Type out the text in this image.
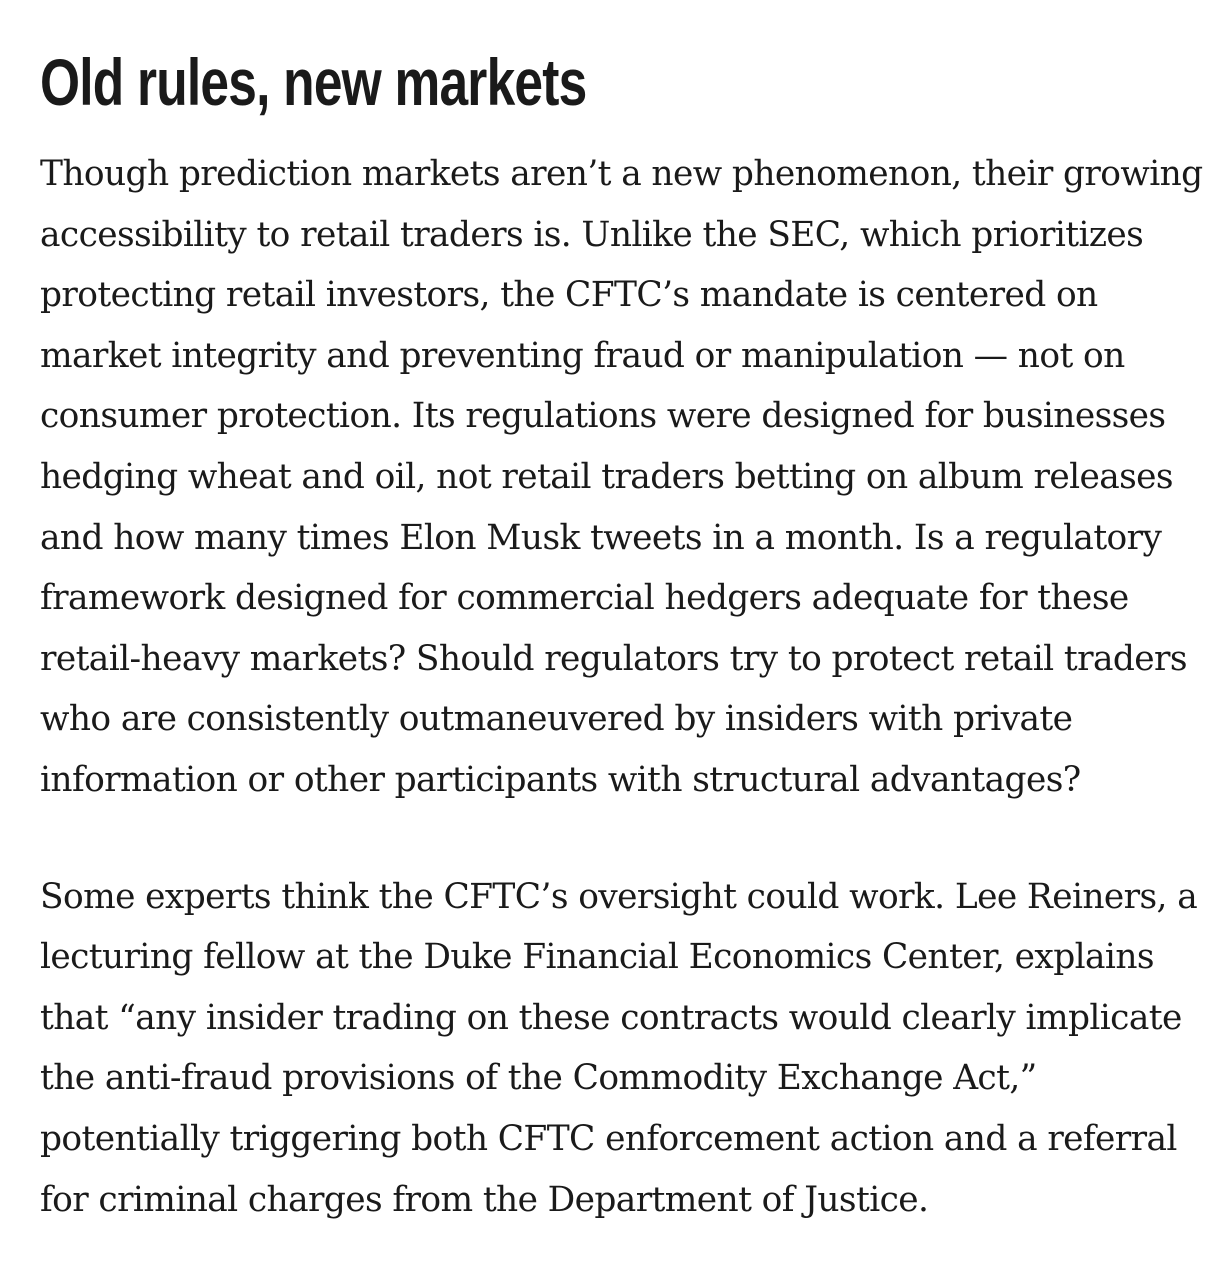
Old rules, new markets

Though prediction markets aren’t a new phenomenon, their growing
accessibility to retail traders is. Unlike the SEC, which prioritizes
protecting retail investors, the CFTC’s mandate is centered on
market integrity and preventing fraud or manipulation — not on
consumer protection. Its regulations were designed for businesses
hedging wheat and oil, not retail traders betting on album releases
and how many times Elon Musk tweets in a month. Is a regulatory
framework designed for commercial hedgers adequate for these
retail-heavy markets? Should regulators try to protect retail traders
who are consistently outmaneuvered by insiders with private
information or other participants with structural advantages?

Some experts think the CFTC’s oversight could work. Lee Reiners, a
lecturing fellow at the Duke Financial Economics Center, explains
that “any insider trading on these contracts would clearly implicate
the anti-fraud provisions of the Commodity Exchange Act,”
potentially triggering both CFTC enforcement action and a referral
for criminal charges from the Department of Justice.
